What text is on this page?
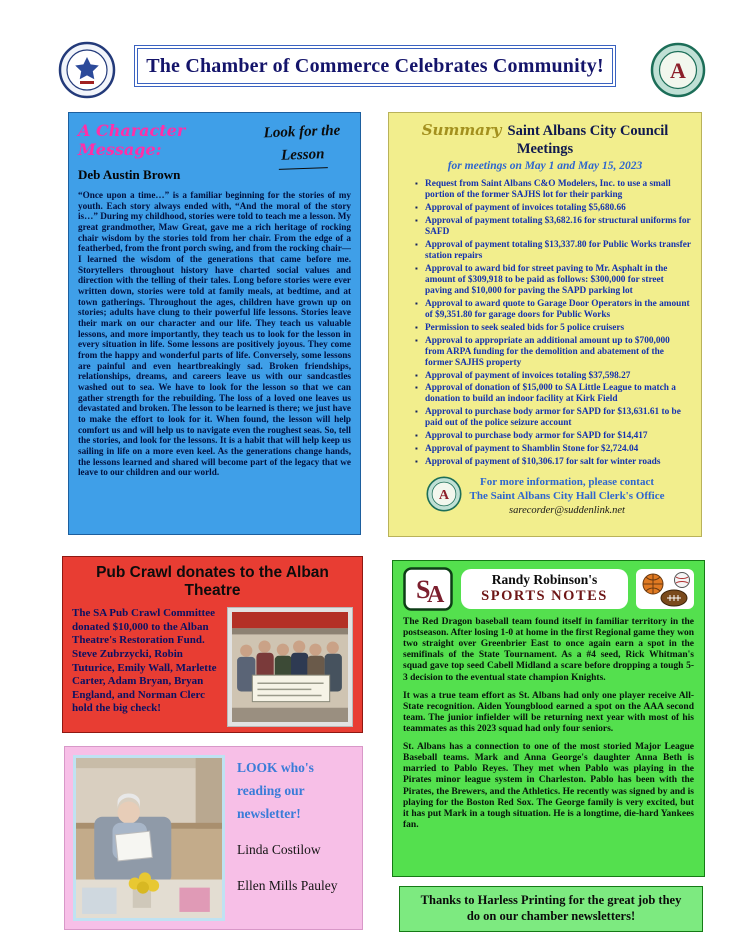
The Chamber of Commerce Celebrates Community!	A
A Character Message:
Deb Austin Brown
Look for the
Lesson

“Once upon a time…” is a familiar beginning for the stories of my youth. Each story always ended with, “And the moral of the story is…” During my childhood, stories were told to teach me a lesson. My great grandmother, Maw Great, gave me a rich heritage of rocking chair wisdom by the stories told from her chair. From the edge of a featherbed, from the front porch swing, and from the rocking chair—I learned the wisdom of the generations that came before me. Storytellers throughout history have charted social values and direction with the telling of their tales. Long before stories were ever written down, stories were told at family meals, at bedtime, and at town gatherings. Throughout the ages, children have grown up on stories; adults have clung to their powerful life lessons. Stories leave their mark on our character and our life. They teach us valuable lessons, and more importantly, they teach us to look for the lesson in every situation in life. Some lessons are positively joyous. They come from the happy and wonderful parts of life. Conversely, some lessons are painful and even heartbreakingly sad. Broken friendships, relationships, dreams, and careers leave us with our sandcastles washed out to sea. We have to look for the lesson so that we can gather strength for the rebuilding. The loss of a loved one leaves us devastated and broken. The lesson to be learned is there; we just have to make the effort to look for it. When found, the lesson will help comfort us and will help us to navigate even the roughest seas. So, tell the stories, and look for the lessons. It is a habit that will help keep us sailing in life on a more even keel. As the generations change hands, the lessons learned and shared will become part of the legacy that we leave to our children and our world.

Summary Saint Albans City Council Meetings
for meetings on May 1 and May 15, 2023
▪ Request from Saint Albans C&O Modelers, Inc. to use a small portion of the former SAJHS lot for their parking
▪ Approval of payment of invoices totaling $5,680.66
▪ Approval of payment totaling $3,682.16 for structural uniforms for SAFD
▪ Approval of payment totaling $13,337.80 for Public Works transfer station repairs
▪ Approval to award bid for street paving to Mr. Asphalt in the amount of $309,918 to be paid as follows: $300,000 for street paving and $10,000 for paving the SAPD parking lot
▪ Approval to award quote to Garage Door Operators in the amount of $9,351.80 for garage doors for Public Works
▪ Permission to seek sealed bids for 5 police cruisers
▪ Approval to appropriate an additional amount up to $700,000 from ARPA funding for the demolition and abatement of the former SAJHS property
▪ Approval of payment of invoices totaling $37,598.27
▪ Approval of donation of $15,000 to SA Little League to match a donation to build an indoor facility at Kirk Field
▪ Approval to purchase body armor for SAPD for $13,631.61 to be paid out of the police seizure account
▪ Approval to purchase body armor for SAPD for $14,417
▪ Approval of payment to Shamblin Stone for $2,724.04
▪ Approval of payment of $10,306.17 for salt for winter roads
A
For more information, please contact
The Saint Albans City Hall Clerk's Office
sarecorder@suddenlink.net
Pub Crawl donates to the Alban Theatre

The SA Pub Crawl Committee donated $10,000 to the Alban Theatre's Restoration Fund. Steve Zubrzycki, Robin Tuturice, Emily Wall, Marlette Carter, Adam Bryan, Bryan England, and Norman Clerc hold the big check!

S
A
Randy Robinson's
SPORTS NOTES

The Red Dragon baseball team found itself in familiar territory in the postseason. After losing 1-0 at home in the first Regional game they won two straight over Greenbrier East to once again earn a spot in the semifinals of the State Tournament. As a #4 seed, Rick Whitman's squad gave top seed Cabell Midland a scare before dropping a tough 5-3 decision to the eventual state champion Knights.

It was a true team effort as St. Albans had only one player receive All-State recognition. Aiden Youngblood earned a spot on the AAA second team. The junior infielder will be returning next year with most of his teammates as this 2023 squad had only four seniors.

St. Albans has a connection to one of the most storied Major League Baseball teams. Mark and Anna George's daughter Anna Beth is married to Pablo Reyes. They met when Pablo was playing in the Pirates minor league system in Charleston. Pablo has been with the Pirates, the Brewers, and the Athletics. He recently was signed by and is playing for the Boston Red Sox. The George family is very excited, but it has put Mark in a tough situation. He is a longtime, die-hard Yankees fan.

LOOK who's reading our newsletter!
Linda Costilow
Ellen Mills Pauley

Thanks to Harless Printing for the great job they do on our chamber newsletters!
